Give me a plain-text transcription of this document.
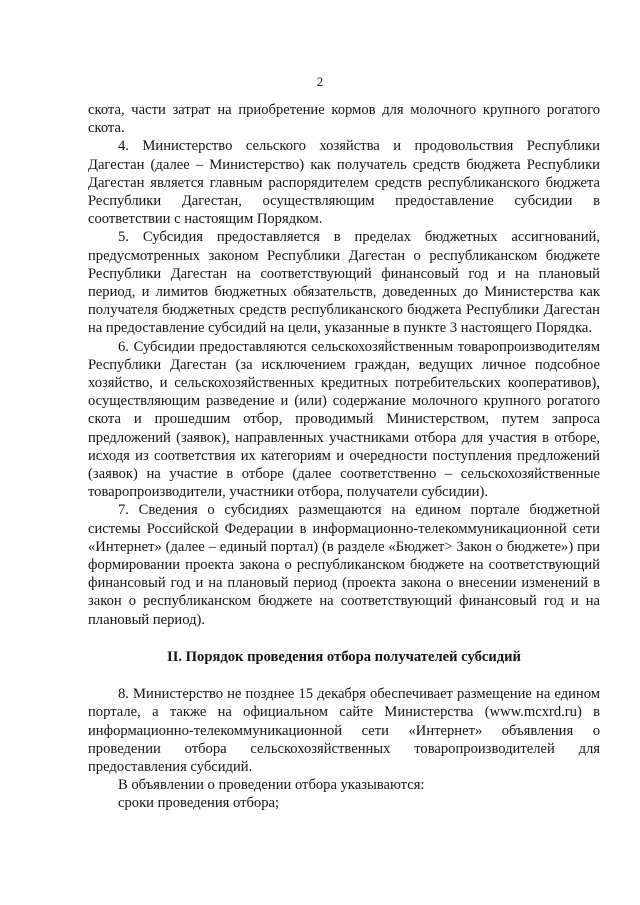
2

скота, части затрат на приобретение кормов для молочного крупного рогатого скота.

4. Министерство сельского хозяйства и продовольствия Республики Дагестан (далее – Министерство) как получатель средств бюджета Республики Дагестан является главным распорядителем средств республиканского бюджета Республики Дагестан, осуществляющим предоставление субсидии в соответствии с настоящим Порядком.

5. Субсидия предоставляется в пределах бюджетных ассигнований, предусмотренных законом Республики Дагестан о республиканском бюджете Республики Дагестан на соответствующий финансовый год и на плановый период, и лимитов бюджетных обязательств, доведенных до Министерства как получателя бюджетных средств республиканского бюджета Республики Дагестан на предоставление субсидий на цели, указанные в пункте 3 настоящего Порядка.

6. Субсидии предоставляются сельскохозяйственным товаропроизводителям Республики Дагестан (за исключением граждан, ведущих личное подсобное хозяйство, и сельскохозяйственных кредитных потребительских кооперативов), осуществляющим разведение и (или) содержание молочного крупного рогатого скота и прошедшим отбор, проводимый Министерством, путем запроса предложений (заявок), направленных участниками отбора для участия в отборе, исходя из соответствия их категориям и очередности поступления предложений (заявок) на участие в отборе (далее соответственно – сельскохозяйственные товаропроизводители, участники отбора, получатели субсидии).

7. Сведения о субсидиях размещаются на едином портале бюджетной системы Российской Федерации в информационно-телекоммуникационной сети «Интернет» (далее – единый портал) (в разделе «Бюджет> Закон о бюджете») при формировании проекта закона о республиканском бюджете на соответствующий финансовый год и на плановый период (проекта закона о внесении изменений в закон о республиканском бюджете на соответствующий финансовый год и на плановый период).

II. Порядок проведения отбора получателей субсидий

8. Министерство не позднее 15 декабря обеспечивает размещение на едином портале, а также на официальном сайте Министерства (www.mcxrd.ru) в информационно-телекоммуникационной сети «Интернет» объявления о проведении отбора сельскохозяйственных товаропроизводителей для предоставления субсидий.

В объявлении о проведении отбора указываются:

сроки проведения отбора;
